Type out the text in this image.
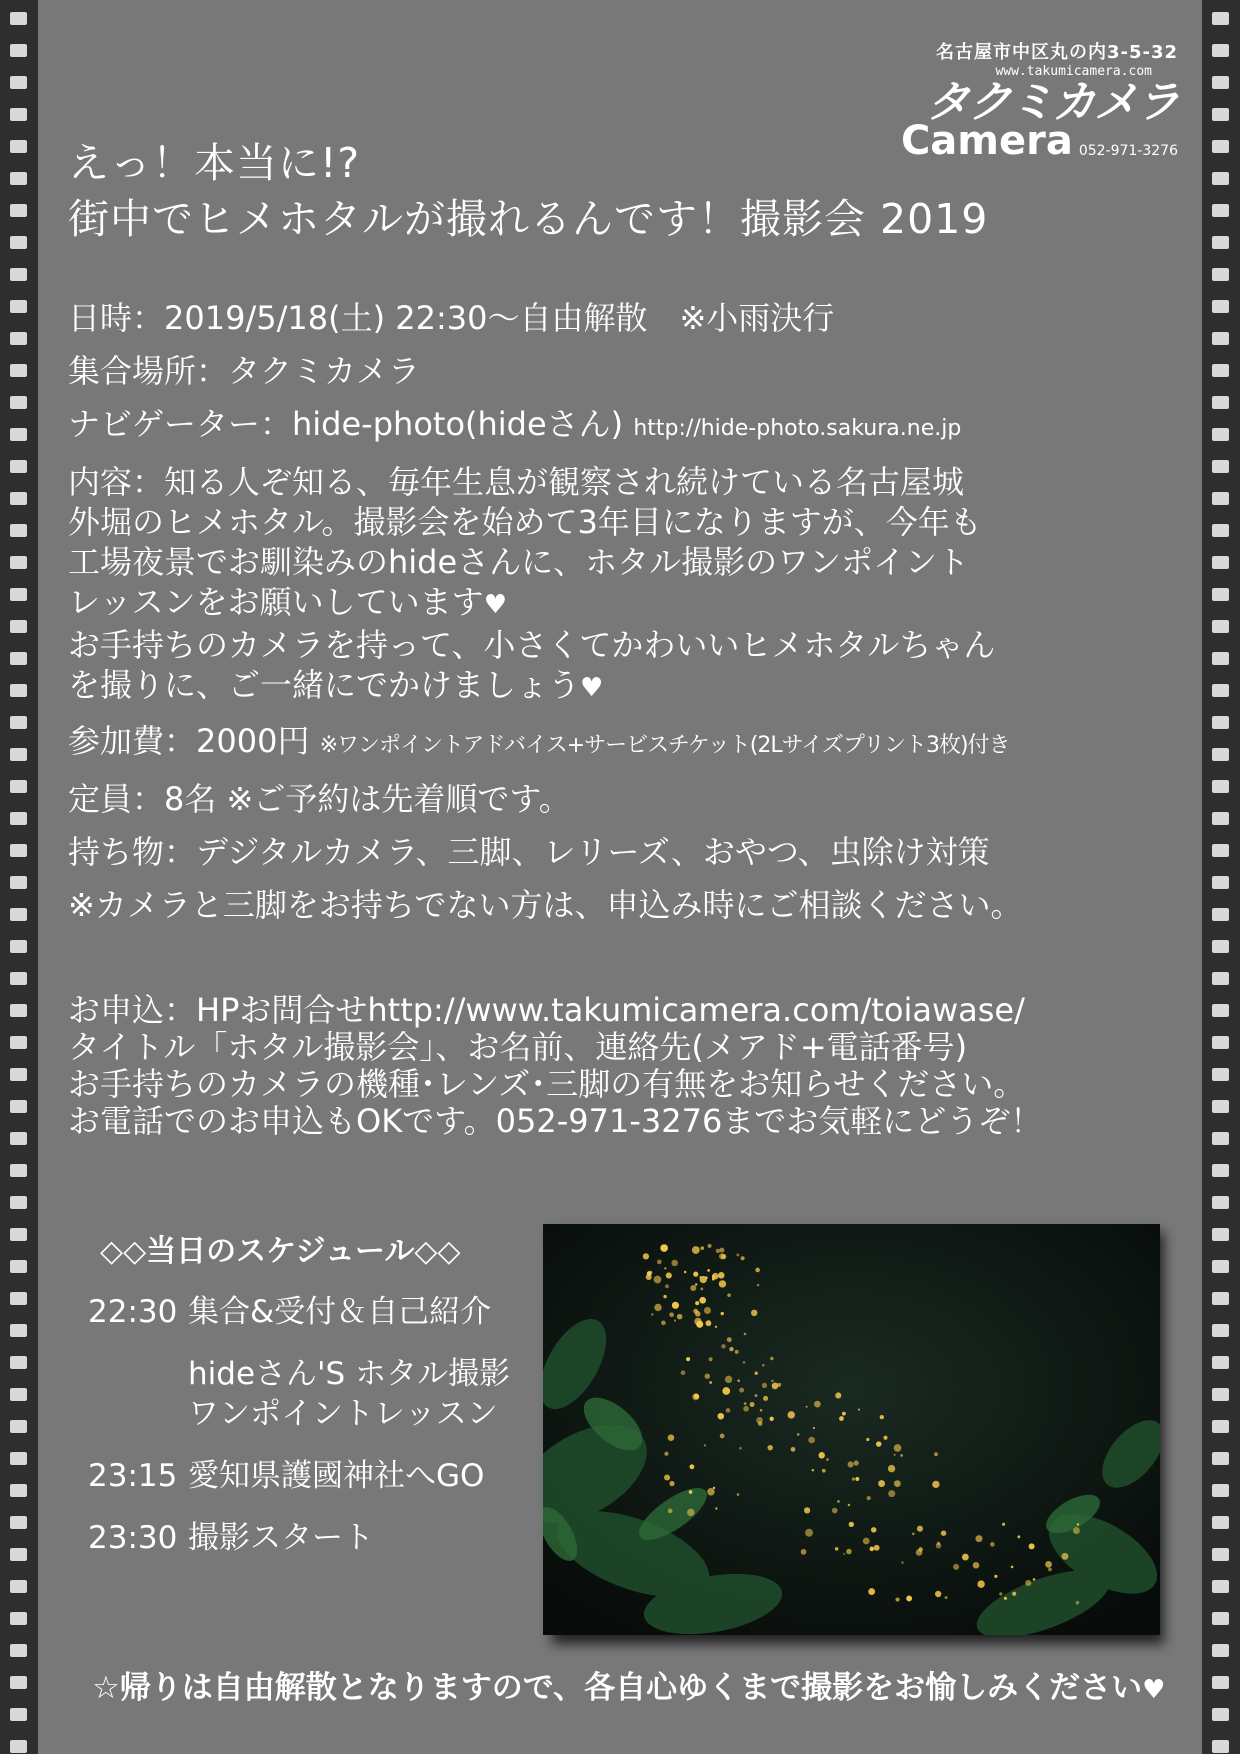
名古屋市中区丸の内3-5-32
www.takumicamera.com
タクミカメラ
Camera 052-971-3276
えっ！本当に!?
街中でヒメホタルが撮れるんです！撮影会 2019
日時：2019/5/18(土) 22:30〜自由解散　※小雨決行
集合場所：タクミカメラ
ナビゲーター：hide-photo(hideさん) http://hide-photo.sakura.ne.jp
内容：知る人ぞ知る、毎年生息が観察され続けている名古屋城
外堀のヒメホタル。撮影会を始めて3年目になりますが、今年も
工場夜景でお馴染みのhideさんに、ホタル撮影のワンポイント
レッスンをお願いしています♥
お手持ちのカメラを持って、小さくてかわいいヒメホタルちゃん
を撮りに、ご一緒にでかけましょう♥
参加費：2000円 ※ワンポイントアドバイス+サービスチケット(2Lサイズプリント3枚)付き
定員：8名 ※ご予約は先着順です。
持ち物：デジタルカメラ、三脚、レリーズ、おやつ、虫除け対策
※カメラと三脚をお持ちでない方は、申込み時にご相談ください。
お申込：HPお問合せhttp://www.takumicamera.com/toiawase/
タイトル「ホタル撮影会」、お名前、連絡先(メアド+電話番号)
お手持ちのカメラの機種･レンズ･三脚の有無をお知らせください。
お電話でのお申込もOKです。052-971-3276までお気軽にどうぞ！
◇◇当日のスケジュール◇◇
22:30 集合&受付＆自己紹介
hideさん'S ホタル撮影
ワンポイントレッスン
23:15 愛知県護國神社へGO
23:30 撮影スタート
☆帰りは自由解散となりますので、各自心ゆくまで撮影をお愉しみください♥
